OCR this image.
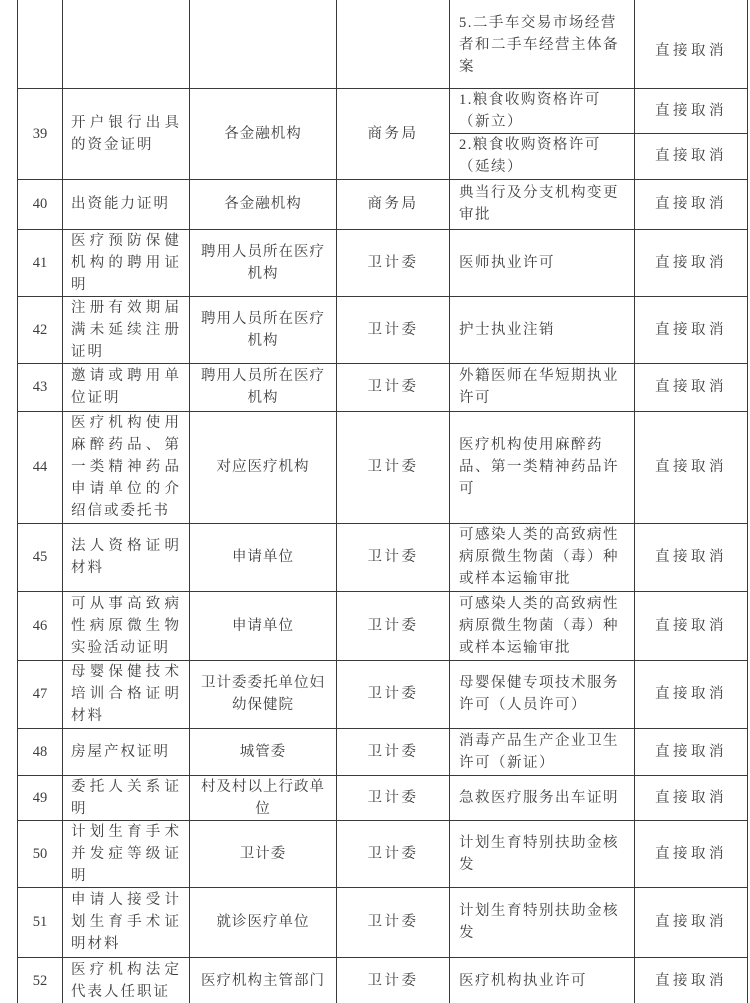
				5.二手车交易市场经营者和二手车经营主体备案	直接取消
39	开户银行出具的资金证明	各金融机构	商务局	1.粮食收购资格许可（新立）	直接取消
				2.粮食收购资格许可（延续）	直接取消
40	出资能力证明	各金融机构	商务局	典当行及分支机构变更审批	直接取消
41	医疗预防保健机构的聘用证明	聘用人员所在医疗机构	卫计委	医师执业许可	直接取消
42	注册有效期届满未延续注册证明	聘用人员所在医疗机构	卫计委	护士执业注销	直接取消
43	邀请或聘用单位证明	聘用人员所在医疗机构	卫计委	外籍医师在华短期执业许可	直接取消
44	医疗机构使用麻醉药品、第一类精神药品申请单位的介绍信或委托书	对应医疗机构	卫计委	医疗机构使用麻醉药品、第一类精神药品许可	直接取消
45	法人资格证明材料	申请单位	卫计委	可感染人类的高致病性病原微生物菌（毒）种或样本运输审批	直接取消
46	可从事高致病性病原微生物实验活动证明	申请单位	卫计委	可感染人类的高致病性病原微生物菌（毒）种或样本运输审批	直接取消
47	母婴保健技术培训合格证明材料	卫计委委托单位妇幼保健院	卫计委	母婴保健专项技术服务许可（人员许可）	直接取消
48	房屋产权证明	城管委	卫计委	消毒产品生产企业卫生许可（新证）	直接取消
49	委托人关系证明	村及村以上行政单位	卫计委	急救医疗服务出车证明	直接取消
50	计划生育手术并发症等级证明	卫计委	卫计委	计划生育特别扶助金核发	直接取消
51	申请人接受计划生育手术证明材料	就诊医疗单位	卫计委	计划生育特别扶助金核发	直接取消
52	医疗机构法定代表人任职证	医疗机构主管部门	卫计委	医疗机构执业许可	直接取消
